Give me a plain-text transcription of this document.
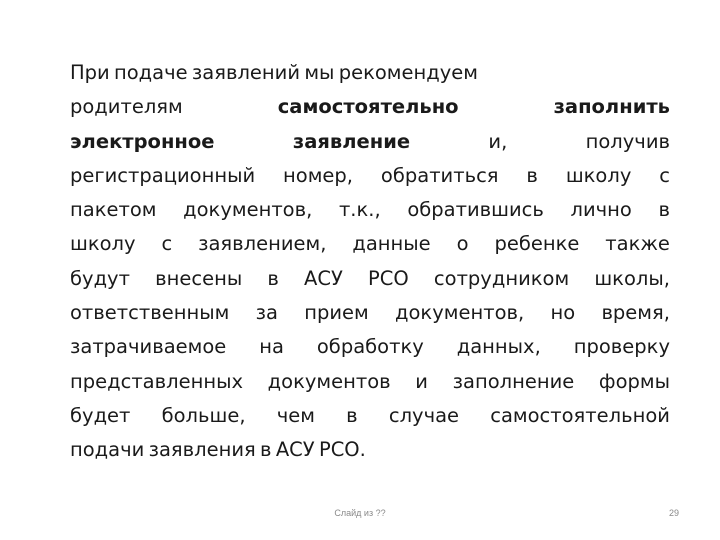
При подаче заявлений мы рекомендуем
родителям	самостоятельно	заполнить
электронное	заявление	и,	получив
регистрационный номер, обратиться в школу с
пакетом документов, т.к., обратившись лично в
школу с заявлением, данные о ребенке также
будут внесены в АСУ РСО сотрудником школы,
ответственным за прием документов, но время,
затрачиваемое на обработку данных, проверку
представленных документов и заполнение формы
будет больше, чем в случае самостоятельной
подачи заявления в АСУ РСО.
Слайд из ??	29
